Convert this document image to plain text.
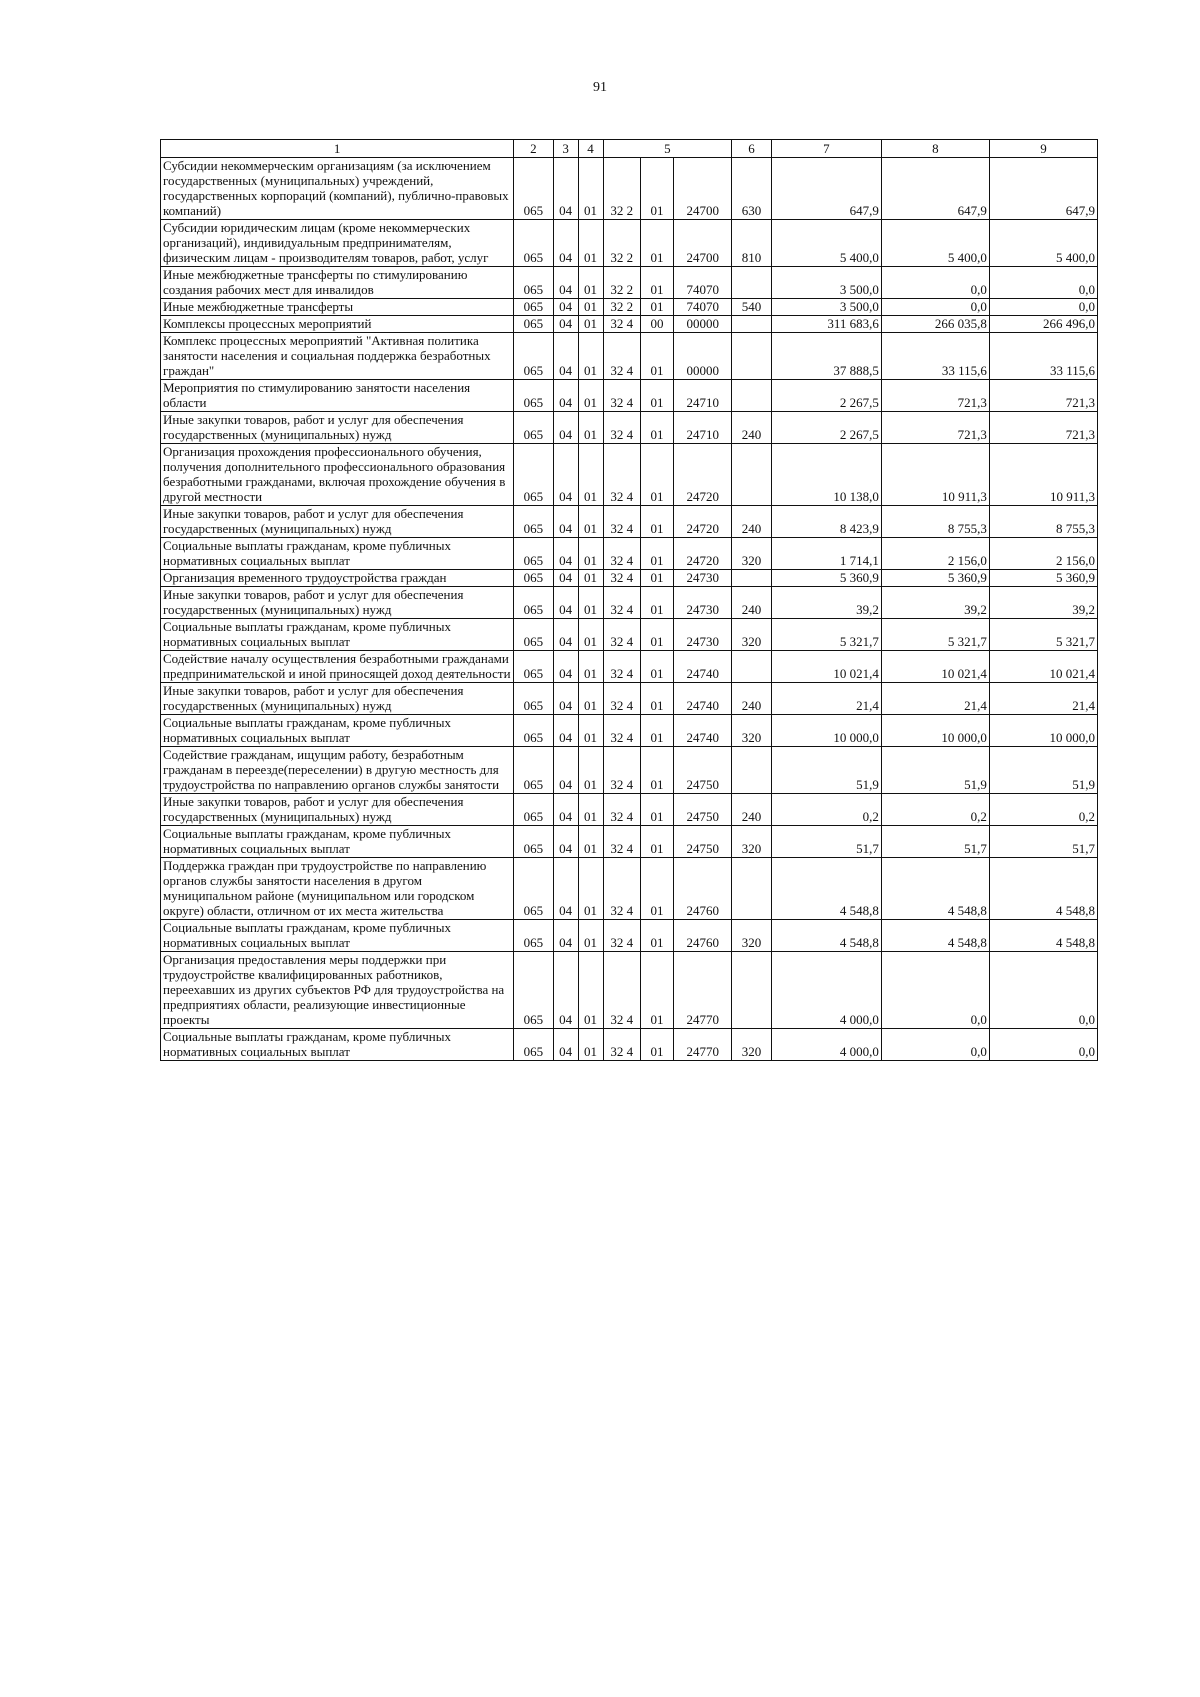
91
1	2	3	4	5			6	7	8	9
Субсидии некоммерческим организациям (за исключением государственных (муниципальных) учреждений, государственных корпораций (компаний), публично-правовых компаний)	065	04	01	32 2	01	24700	630	647,9	647,9	647,9
Субсидии юридическим лицам (кроме некоммерческих организаций), индивидуальным предпринимателям, физическим лицам - производителям товаров, работ, услуг	065	04	01	32 2	01	24700	810	5 400,0	5 400,0	5 400,0
Иные межбюджетные трансферты по стимулированию создания рабочих мест для инвалидов	065	04	01	32 2	01	74070		3 500,0	0,0	0,0
Иные межбюджетные трансферты	065	04	01	32 2	01	74070	540	3 500,0	0,0	0,0
Комплексы процессных мероприятий	065	04	01	32 4	00	00000		311 683,6	266 035,8	266 496,0
Комплекс процессных мероприятий "Активная политика занятости населения и социальная поддержка безработных граждан"	065	04	01	32 4	01	00000		37 888,5	33 115,6	33 115,6
Мероприятия по стимулированию занятости населения области	065	04	01	32 4	01	24710		2 267,5	721,3	721,3
Иные закупки товаров, работ и услуг для обеспечения государственных (муниципальных) нужд	065	04	01	32 4	01	24710	240	2 267,5	721,3	721,3
Организация прохождения профессионального обучения, получения дополнительного профессионального образования безработными гражданами, включая прохождение обучения в другой местности	065	04	01	32 4	01	24720		10 138,0	10 911,3	10 911,3
Иные закупки товаров, работ и услуг для обеспечения государственных (муниципальных) нужд	065	04	01	32 4	01	24720	240	8 423,9	8 755,3	8 755,3
Социальные выплаты гражданам, кроме публичных нормативных социальных выплат	065	04	01	32 4	01	24720	320	1 714,1	2 156,0	2 156,0
Организация временного трудоустройства граждан	065	04	01	32 4	01	24730		5 360,9	5 360,9	5 360,9
Иные закупки товаров, работ и услуг для обеспечения государственных (муниципальных) нужд	065	04	01	32 4	01	24730	240	39,2	39,2	39,2
Социальные выплаты гражданам, кроме публичных нормативных социальных выплат	065	04	01	32 4	01	24730	320	5 321,7	5 321,7	5 321,7
Содействие началу осуществления безработными гражданами предпринимательской и иной приносящей доход деятельности	065	04	01	32 4	01	24740		10 021,4	10 021,4	10 021,4
Иные закупки товаров, работ и услуг для обеспечения государственных (муниципальных) нужд	065	04	01	32 4	01	24740	240	21,4	21,4	21,4
Социальные выплаты гражданам, кроме публичных нормативных социальных выплат	065	04	01	32 4	01	24740	320	10 000,0	10 000,0	10 000,0
Содействие гражданам, ищущим работу, безработным гражданам в переезде(переселении) в другую местность для трудоустройства по направлению органов службы занятости	065	04	01	32 4	01	24750		51,9	51,9	51,9
Иные закупки товаров, работ и услуг для обеспечения государственных (муниципальных) нужд	065	04	01	32 4	01	24750	240	0,2	0,2	0,2
Социальные выплаты гражданам, кроме публичных нормативных социальных выплат	065	04	01	32 4	01	24750	320	51,7	51,7	51,7
Поддержка граждан при трудоустройстве по направлению органов службы занятости населения в другом муниципальном районе (муниципальном или городском округе) области, отличном от их места жительства	065	04	01	32 4	01	24760		4 548,8	4 548,8	4 548,8
Социальные выплаты гражданам, кроме публичных нормативных социальных выплат	065	04	01	32 4	01	24760	320	4 548,8	4 548,8	4 548,8
Организация предоставления меры поддержки при трудоустройстве квалифицированных работников, переехавших из других субъектов РФ для трудоустройства на предприятиях области, реализующие инвестиционные проекты	065	04	01	32 4	01	24770		4 000,0	0,0	0,0
Социальные выплаты гражданам, кроме публичных нормативных социальных выплат	065	04	01	32 4	01	24770	320	4 000,0	0,0	0,0
